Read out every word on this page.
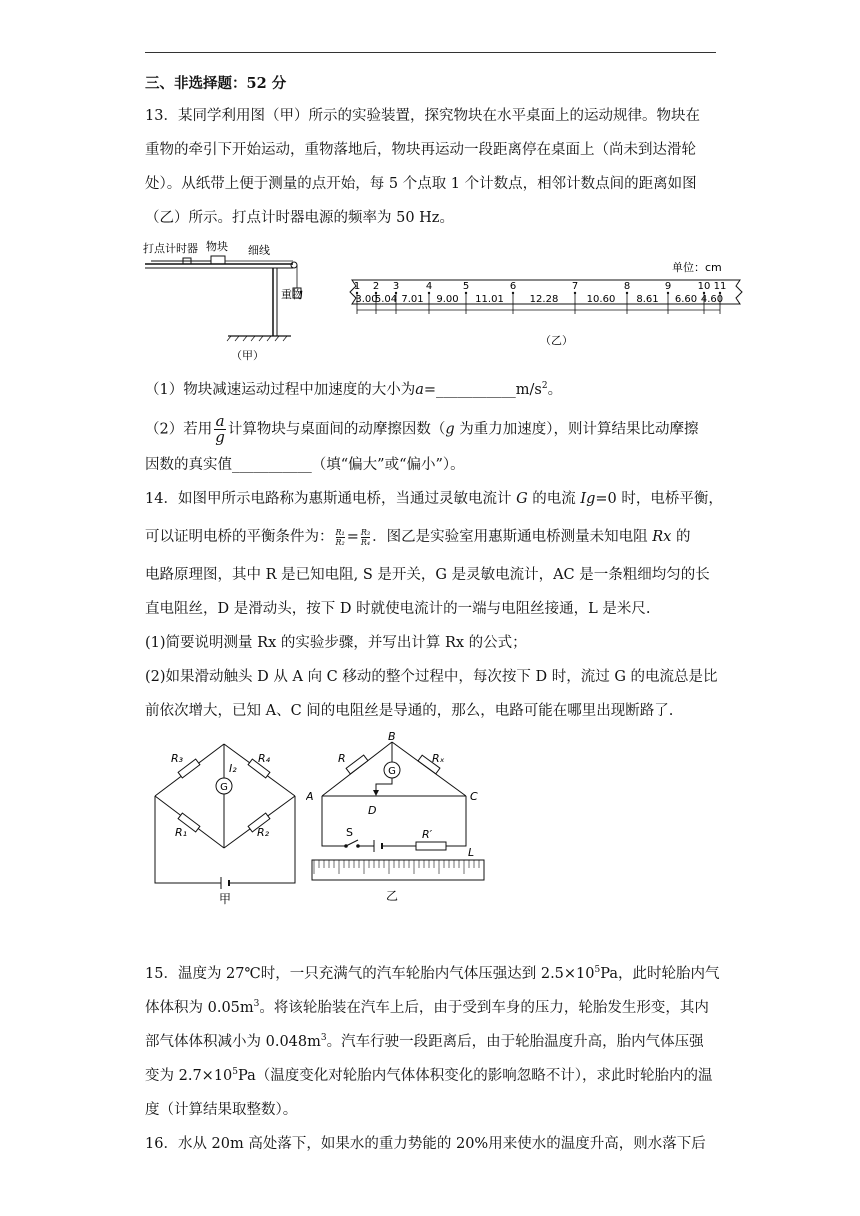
三、非选择题：52 分
13．某同学利用图（甲）所示的实验装置，探究物块在水平桌面上的运动规律。物块在
重物的牵引下开始运动，重物落地后，物块再运动一段距离停在桌面上（尚未到达滑轮
处）。从纸带上便于测量的点开始，每 5 个点取 1 个计数点，相邻计数点间的距离如图
（乙）所示。打点计时器电源的频率为 50 Hz。
打点计时器 物块 细线
重物
（甲）
单位：cm
1 2 3	4	5	6	7	8	9	10 11
3.00
5.04 7.01 9.00 11.01	12.28	10.60 8.61 6.60 4.60
（乙）
（1）物块减速运动过程中加速度的大小为$a=\_\_\_\_\_\_\_\_\_\_\_m/s^2$。
（2）若用 $\frac{a}{g}$ 计算物块与桌面间的动摩擦因数（g 为重力加速度），则计算结果比动摩擦
因数的真实值___________（填“偏大”或“偏小”）。
14．如图甲所示电路称为惠斯通电桥，当通过灵敏电流计 G 的电流 Ig=0 时，电桥平衡，
可以证明电桥的平衡条件为： $\frac{\text{R₁}}{\text{R₂}} = \frac{\text{R₃}}{\text{R₄}}$ ．图乙是实验室用惠斯通电桥测量未知电阻 Rx 的
电路原理图，其中 R 是已知电阻, S 是开关，G 是灵敏电流计，AC 是一条粗细均匀的长
直电阻丝，D 是滑动头，按下 D 时就使电流计的一端与电阻丝接通，L 是米尺.
(1)简要说明测量 Rx 的实验步骤，并写出计算 Rx 的公式；
(2)如果滑动触头 D 从 A 向 C 移动的整个过程中，每次按下 D 时，流过 G 的电流总是比
前依次增大，已知 A、C 间的电阻丝是导通的，那么，电路可能在哪里出现断路了.
R₃	R₄
R₁	R₂
I₂
G
甲
B
A	C
D
R	Rₓ
G
S	R′
L
乙
15．温度为 27℃时，一只充满气的汽车轮胎内气体压强达到 $2.5\times 10^5Pa$，此时轮胎内气
体体积为 $0.05m^3$。将该轮胎装在汽车上后，由于受到车身的压力，轮胎发生形变，其内
部气体体积减小为 $0.048m^3$。汽车行驶一段距离后，由于轮胎温度升高，胎内气体压强
变为 $2.7\times 10^5Pa$（温度变化对轮胎内气体体积变化的影响忽略不计），求此时轮胎内的温
度（计算结果取整数）。
16．水从 20m 高处落下，如果水的重力势能的 20%用来使水的温度升高，则水落下后
